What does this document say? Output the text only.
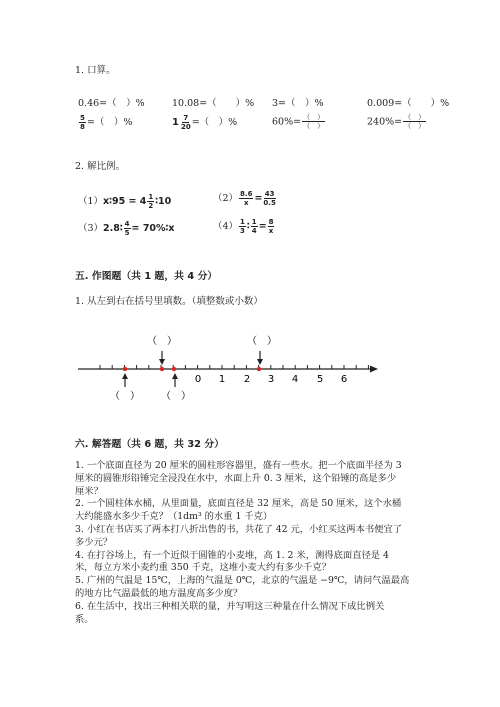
1. 口算。
0.46=（　）%	10.08=（　　）% 3=（　）%	0.009=（　　）%
$\frac{5}{8}$ =（　）%	$1 \frac{7}{20}$ =（　）%	$60\%= \frac{( )}{( )}$	$240\%= \frac{( )}{( )}$
2. 解比例。
（1）x∶95 = $4 \frac{1}{2}$ ∶10	$(2) \frac{8.6}{x} = \frac{43}{0.5}$
（3）2.8∶ $\frac{4}{5}$ = 70%∶x	$(4) \frac{1}{3}$ ∶ $\frac{1}{4} = \frac{8}{x}$
五. 作图题（共 1 题，共 4 分）
1. 从左到右在括号里填数。（填整数或小数）
0 1 2 3 4 5 6
（　）	（　）
（　） （　）
六. 解答题（共 6 题，共 32 分）

1. 一个底面直径为 20 厘米的圆柱形容器里，盛有一些水。把一个底面半径为 3

厘米的圆锥形铅锤完全浸没在水中，水面上升 0. 3 厘米，这个铅锤的高是多少

厘米？

2. 一个圆柱体水桶，从里面量，底面直径是 32 厘米，高是 50 厘米，这个水桶

大约能盛水多少千克？（1dm³ 的水重 1 千克）

3. 小红在书店买了两本打八折出售的书，共花了 42 元，小红买这两本书便宜了

多少元？

4. 在打谷场上，有一个近似于圆锥的小麦堆，高 1. 2 米，测得底面直径是 4

米，每立方米小麦约重 350 千克，这堆小麦大约有多少千克？

5. 广州的气温是 15℃，上海的气温是 0℃，北京的气温是 −9℃，请问气温最高

的地方比气温最低的地方温度高多少度？

6. 在生活中，找出三种相关联的量，并写明这三种量在什么情况下成比例关

系。
